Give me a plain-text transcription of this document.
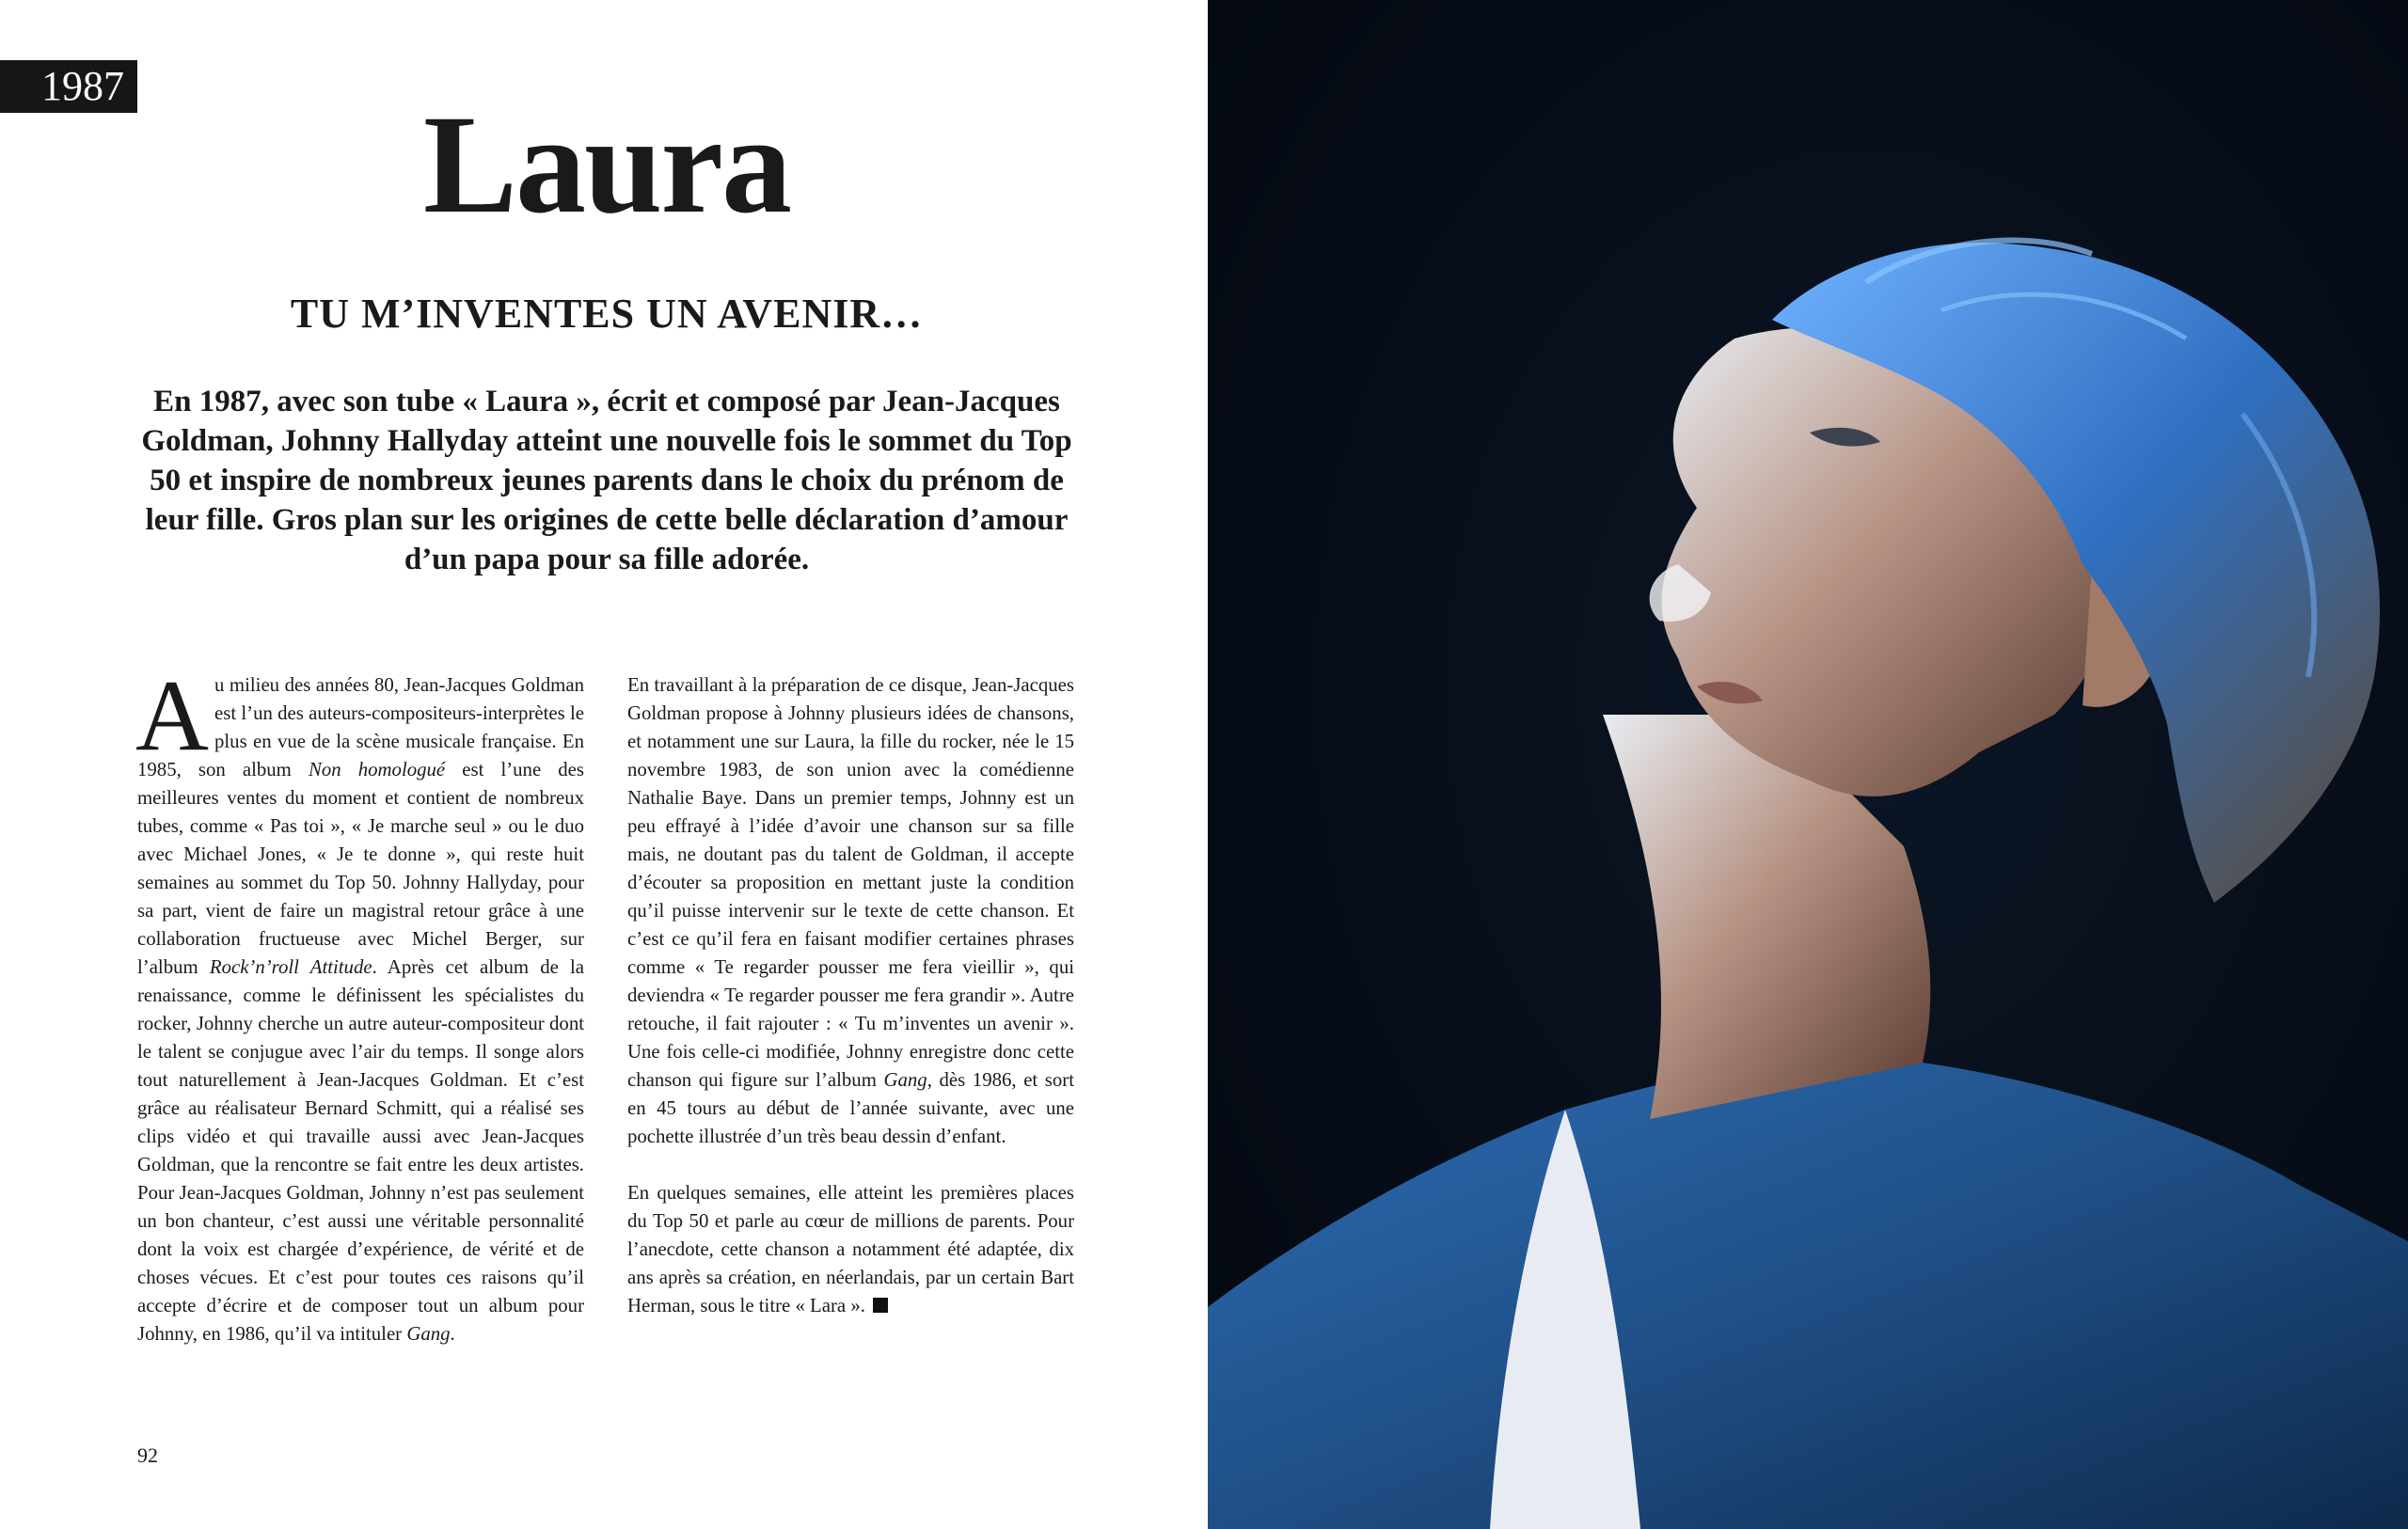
1987
Laura
TU M’INVENTES UN AVENIR…
En 1987, avec son tube « Laura », écrit et composé par Jean-Jacques Goldman, Johnny Hallyday atteint une nouvelle fois le sommet du Top 50 et inspire de nombreux jeunes parents dans le choix du prénom de leur fille. Gros plan sur les origines de cette belle déclaration d’amour d’un papa pour sa fille adorée.

Au milieu des années 80, Jean-Jacques Goldman est l’un des auteurs-compositeurs-interprètes le plus en vue de la scène musicale française. En 1985, son album Non homologué est l’une des meilleures ventes du moment et contient de nombreux tubes, comme « Pas toi », « Je marche seul » ou le duo avec Michael Jones, « Je te donne », qui reste huit semaines au sommet du Top 50. Johnny Hallyday, pour sa part, vient de faire un magistral retour grâce à une collaboration fructueuse avec Michel Berger, sur l’album Rock’n’roll Attitude. Après cet album de la renaissance, comme le définissent les spécialistes du rocker, Johnny cherche un autre auteur-compositeur dont le talent se conjugue avec l’air du temps. Il songe alors tout naturellement à Jean-Jacques Goldman. Et c’est grâce au réalisateur Bernard Schmitt, qui a réalisé ses clips vidéo et qui travaille aussi avec Jean-Jacques Goldman, que la rencontre se fait entre les deux artistes. Pour Jean-Jacques Goldman, Johnny n’est pas seulement un bon chanteur, c’est aussi une véritable personnalité dont la voix est chargée d’expérience, de vérité et de choses vécues. Et c’est pour toutes ces raisons qu’il accepte d’écrire et de composer tout un album pour Johnny, en 1986, qu’il va intituler Gang.

En travaillant à la préparation de ce disque, Jean-Jacques Goldman propose à Johnny plusieurs idées de chansons, et notamment une sur Laura, la fille du rocker, née le 15 novembre 1983, de son union avec la comédienne Nathalie Baye. Dans un premier temps, Johnny est un peu effrayé à l’idée d’avoir une chanson sur sa fille mais, ne doutant pas du talent de Goldman, il accepte d’écouter sa proposition en mettant juste la condition qu’il puisse intervenir sur le texte de cette chanson. Et c’est ce qu’il fera en faisant modifier certaines phrases comme « Te regarder pousser me fera vieillir », qui deviendra « Te regarder pousser me fera grandir ». Autre retouche, il fait rajouter : « Tu m’inventes un avenir ». Une fois celle-ci modifiée, Johnny enregistre donc cette chanson qui figure sur l’album Gang, dès 1986, et sort en 45 tours au début de l’année suivante, avec une pochette illustrée d’un très beau dessin d’enfant.

En quelques semaines, elle atteint les premières places du Top 50 et parle au cœur de millions de parents. Pour l’anecdote, cette chanson a notamment été adaptée, dix ans après sa création, en néerlandais, par un certain Bart Herman, sous le titre « Lara ».

92
